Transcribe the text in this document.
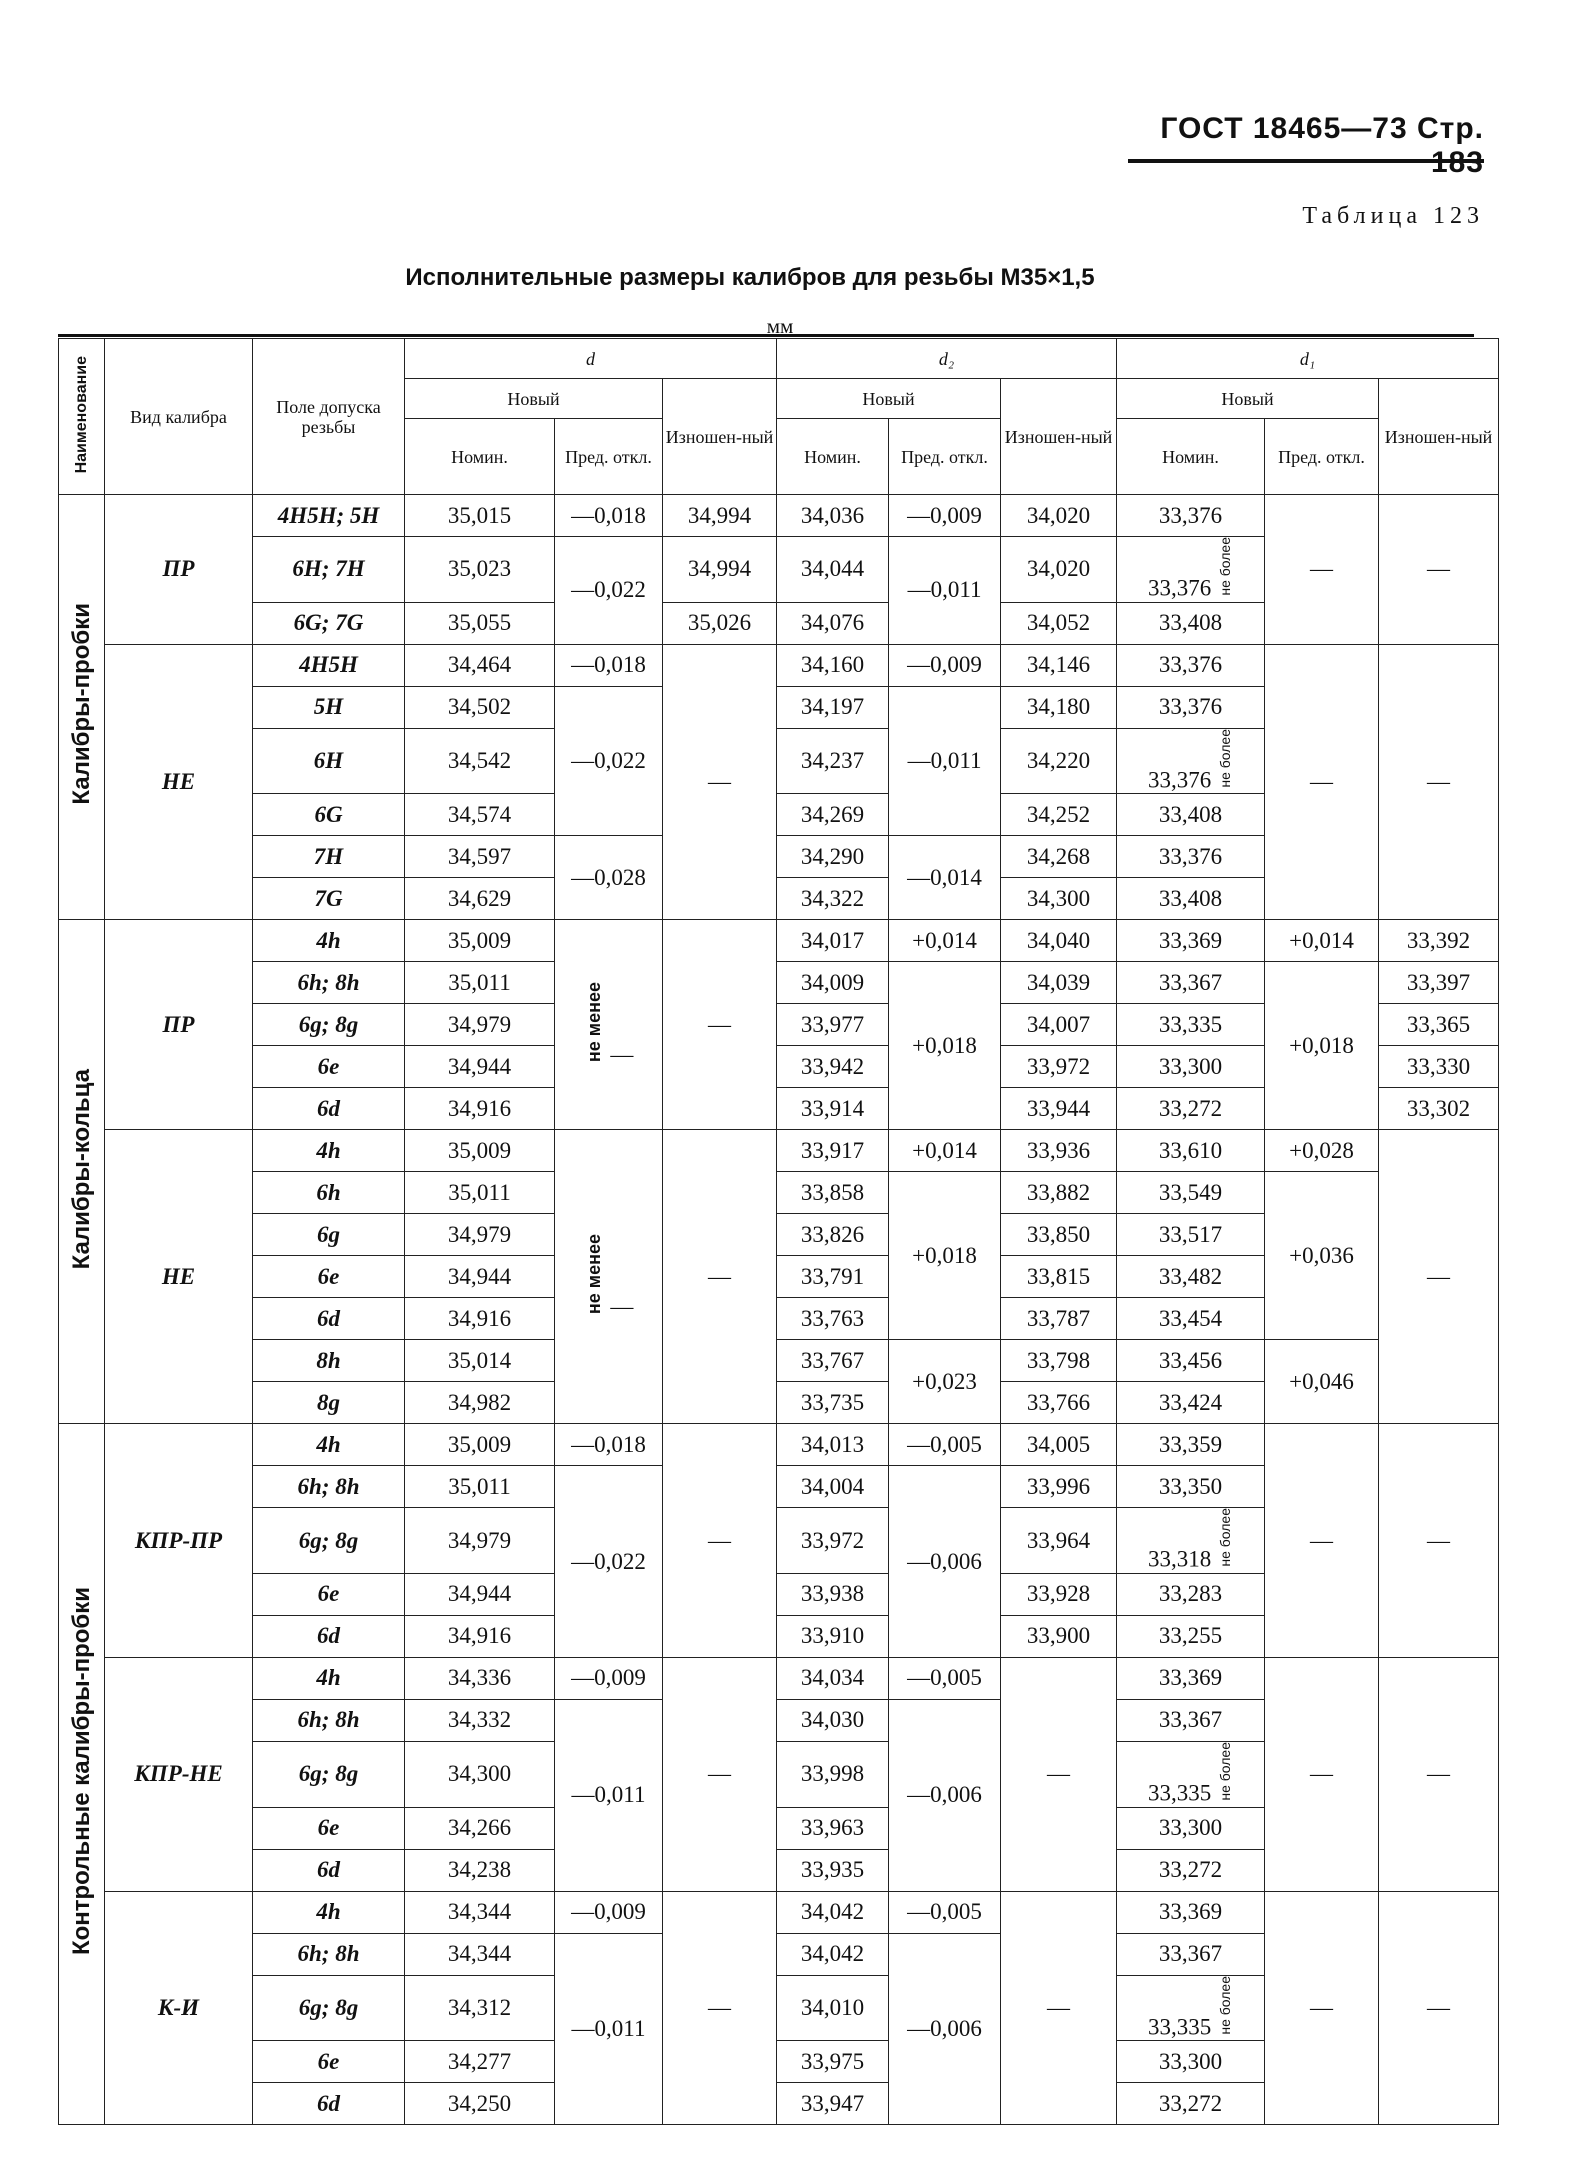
ГОСТ 18465—73 Стр. 183
Таблица 123
Исполнительные размеры калибров для резьбы М35×1,5
мм
Наименование	Вид калибра	Поле допуска резьбы	d			d₂			d₁		
			Новый		Изношен-ный	Новый		Изношен-ный	Новый		Изношен-ный
			Номин.	Пред. откл.		Номин.	Пред. откл.		Номин.	Пред. откл.	
Калибры-пробки	ПР	4H5H; 5H	35,015	—0,018	34,994	34,036	—0,009	34,020	33,376	—	—
		6H; 7H	35,023	—0,022	34,994	34,044	—0,011	34,020	33,376 не более		
		6G; 7G	35,055		35,026	34,076		34,052	33,408		
	НЕ	4H5H	34,464	—0,018	—	34,160	—0,009	34,146	33,376	—	—
		5H	34,502	—0,022		34,197	—0,011	34,180	33,376		
		6H	34,542			34,237		34,220	33,376 не более		
		6G	34,574			34,269		34,252	33,408		
		7H	34,597	—0,028		34,290	—0,014	34,268	33,376		
		7G	34,629			34,322		34,300	33,408		
Калибры-кольца	ПР	4h	35,009	не менее —	—	34,017	+0,014	34,040	33,369	+0,014	33,392
		6h; 8h	35,011			34,009	+0,018	34,039	33,367	+0,018	33,397
		6g; 8g	34,979			33,977		34,007	33,335		33,365
		6e	34,944			33,942		33,972	33,300		33,330
		6d	34,916			33,914		33,944	33,272		33,302
	НЕ	4h	35,009	не менее —	—	33,917	+0,014	33,936	33,610	+0,028	—
		6h	35,011			33,858	+0,018	33,882	33,549	+0,036	
		6g	34,979			33,826		33,850	33,517		
		6e	34,944			33,791		33,815	33,482		
		6d	34,916			33,763		33,787	33,454		
		8h	35,014			33,767	+0,023	33,798	33,456	+0,046	
		8g	34,982			33,735		33,766	33,424		
Контрольные калибры-пробки	КПР-ПР	4h	35,009	—0,018	—	34,013	—0,005	34,005	33,359	—	—
		6h; 8h	35,011	—0,022		34,004	—0,006	33,996	33,350		
		6g; 8g	34,979			33,972		33,964	33,318 не более		
		6e	34,944			33,938		33,928	33,283		
		6d	34,916			33,910		33,900	33,255		
	КПР-НЕ	4h	34,336	—0,009	—	34,034	—0,005	—	33,369	—	—
		6h; 8h	34,332	—0,011		34,030	—0,006		33,367		
		6g; 8g	34,300			33,998			33,335 не более		
		6e	34,266			33,963			33,300		
		6d	34,238			33,935			33,272		
	К-И	4h	34,344	—0,009	—	34,042	—0,005	—	33,369	—	—
		6h; 8h	34,344	—0,011		34,042	—0,006		33,367		
		6g; 8g	34,312			34,010			33,335 не более		
		6e	34,277			33,975			33,300		
		6d	34,250			33,947			33,272		
